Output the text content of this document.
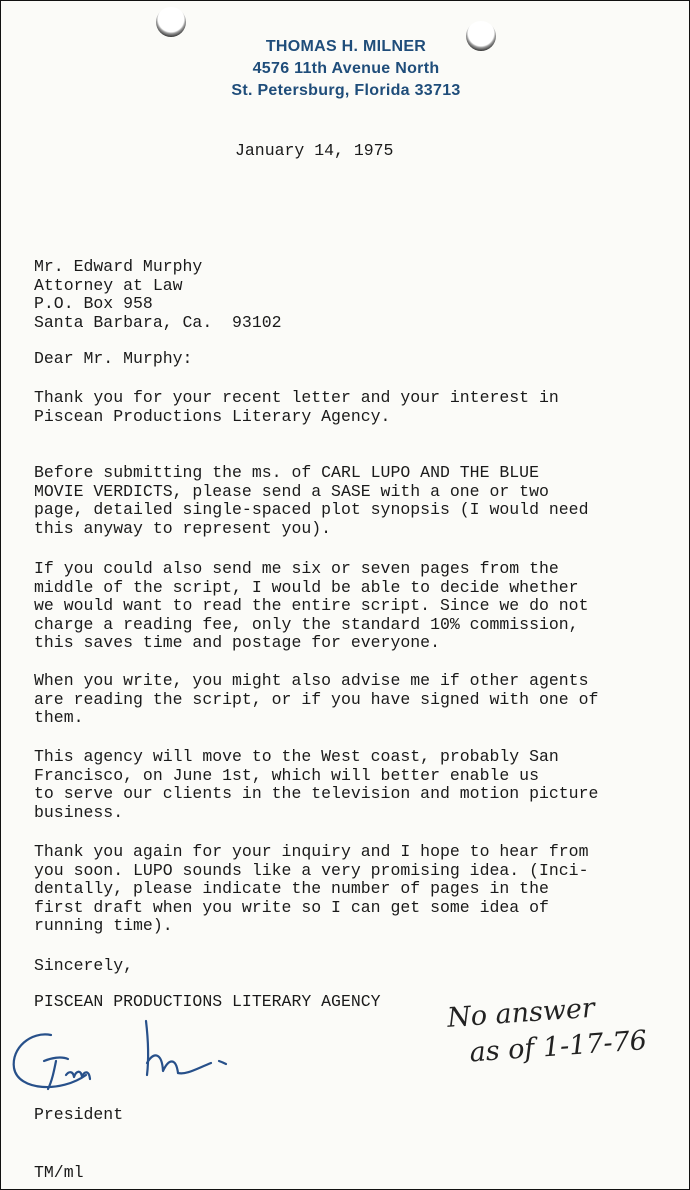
THOMAS H. MILNER
4576 11th Avenue North
St. Petersburg, Florida 33713
January 14, 1975
Mr. Edward Murphy
Attorney at Law
P.O. Box 958
Santa Barbara, Ca.  93102
Dear Mr. Murphy:
Thank you for your recent letter and your interest in
Piscean Productions Literary Agency.
Before submitting the ms. of CARL LUPO AND THE BLUE
MOVIE VERDICTS, please send a SASE with a one or two
page, detailed single-spaced plot synopsis (I would need
this anyway to represent you).
If you could also send me six or seven pages from the
middle of the script, I would be able to decide whether
we would want to read the entire script. Since we do not
charge a reading fee, only the standard 10% commission,
this saves time and postage for everyone.
When you write, you might also advise me if other agents
are reading the script, or if you have signed with one of
them.
This agency will move to the West coast, probably San
Francisco, on June 1st, which will better enable us
to serve our clients in the television and motion picture
business.
Thank you again for your inquiry and I hope to hear from
you soon. LUPO sounds like a very promising idea. (Inci-
dentally, please indicate the number of pages in the
first draft when you write so I can get some idea of
running time).
Sincerely,
PISCEAN PRODUCTIONS LITERARY AGENCY	No answer
as of 1-17-76
President
TM/ml
